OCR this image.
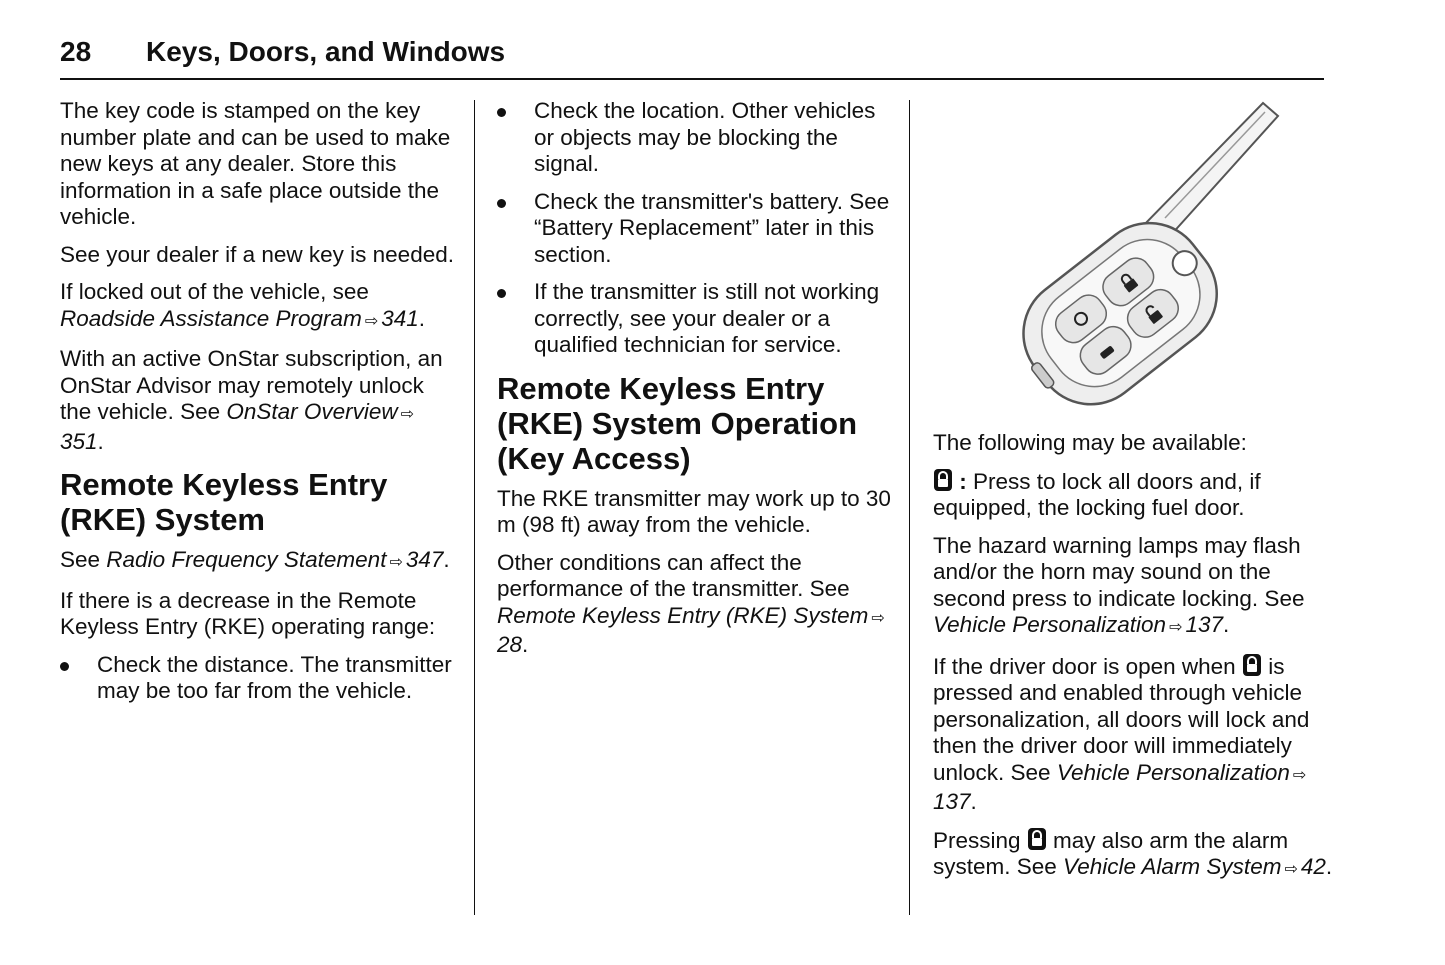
28 Keys, Doors, and Windows

The key code is stamped on the key number plate and can be used to make new keys at any dealer. Store this information in a safe place outside the vehicle.

See your dealer if a new key is needed.

If locked out of the vehicle, see
Roadside Assistance Program ⇨ 341.

With an active OnStar subscription, an OnStar Advisor may remotely unlock the vehicle. See OnStar Overview ⇨351.

Remote Keyless Entry (RKE) System

See Radio Frequency Statement ⇨ 347.

If there is a decrease in the Remote Keyless Entry (RKE) operating range:

Check the distance. The transmitter may be too far from the vehicle.
Check the location. Other vehicles or objects may be blocking the signal.
Check the transmitter's battery. See “Battery Replacement” later in this section.
If the transmitter is still not working correctly, see your dealer or a qualified technician for service.
Remote Keyless Entry (RKE) System Operation (Key Access)

The RKE transmitter may work up to 30 m (98 ft) away from the vehicle.

Other conditions can affect the performance of the transmitter. See Remote Keyless Entry (RKE) System ⇨28.

The following may be available:

: Press to lock all doors and, if equipped, the locking fuel door.

The hazard warning lamps may flash and/or the horn may sound on the second press to indicate locking. See Vehicle Personalization ⇨ 137.

If the driver door is open when  is pressed and enabled through vehicle personalization, all doors will lock and then the driver door will immediately unlock. See Vehicle Personalization ⇨137.

Pressing  may also arm the alarm system. See Vehicle Alarm System ⇨ 42.
